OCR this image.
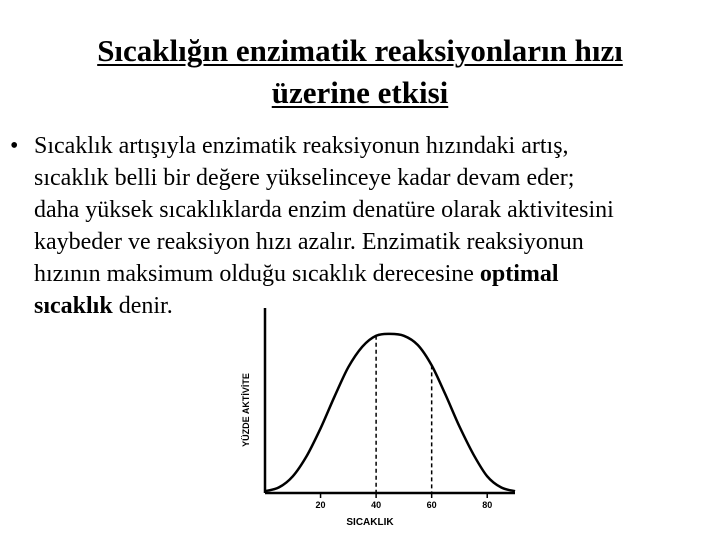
Sıcaklığın enzimatik reaksiyonların hızı
üzerine etkisi
• Sıcaklık artışıyla enzimatik reaksiyonun hızındaki artış,
sıcaklık belli bir değere yükselinceye kadar devam eder;
daha yüksek sıcaklıklarda enzim denatüre olarak aktivitesini
kaybeder ve reaksiyon hızı azalır. Enzimatik reaksiyonun
hızının maksimum olduğu sıcaklık derecesine optimal
sıcaklık denir.
20	40	60	80
SICAKLIK
YÜZDE AKTİVİTE
